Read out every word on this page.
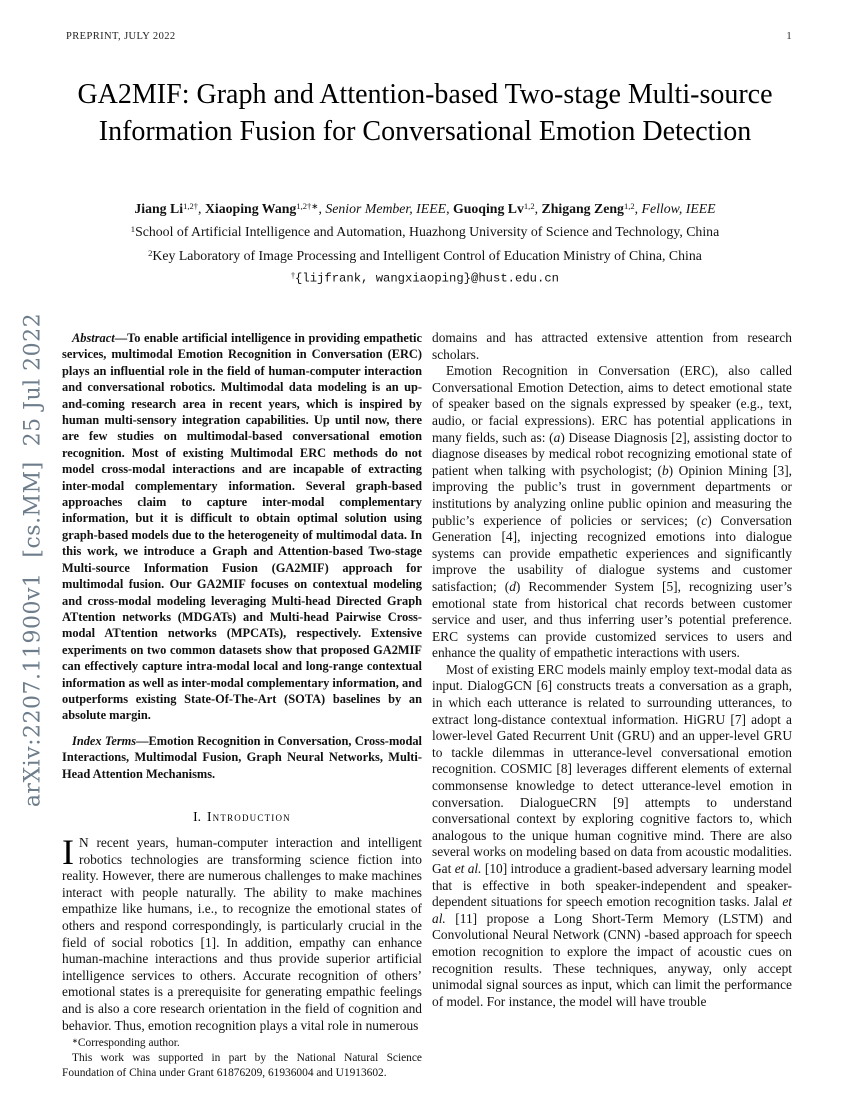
PREPRINT, JULY 2022	1
arXiv:2207.11900v1  [cs.MM]  25 Jul 2022
GA2MIF: Graph and Attention-based Two-stage Multi-source Information Fusion for Conversational Emotion Detection

Jiang $Li^{1,2\dagger}$, Xiaoping Wang$^{1,2\dagger∗}$, Senior Member, IEEE, Guoqing Lv$^{1,2}$, Zhigang Zeng$^{1,2}$, Fellow, IEEE

$^1$School of Artificial Intelligence and Automation, Huazhong University of Science and Technology, China

$^2$Key Laboratory of Image Processing and Intelligent Control of Education Ministry of China, China

†{lijfrank, wangxiaoping}@hust.edu.cn

Abstract—To enable artificial intelligence in providing empathetic services, multimodal Emotion Recognition in Conversation (ERC) plays an influential role in the field of human-computer interaction and conversational robotics. Multimodal data modeling is an up-and-coming research area in recent years, which is inspired by human multi-sensory integration capabilities. Up until now, there are few studies on multimodal-based conversational emotion recognition. Most of existing Multimodal ERC methods do not model cross-modal interactions and are incapable of extracting inter-modal complementary information. Several graph-based approaches claim to capture inter-modal complementary information, but it is difficult to obtain optimal solution using graph-based models due to the heterogeneity of multimodal data. In this work, we introduce a Graph and Attention-based Two-stage Multi-source Information Fusion (GA2MIF) approach for multimodal fusion. Our GA2MIF focuses on contextual modeling and cross-modal modeling leveraging Multi-head Directed Graph ATtention networks (MDGATs) and Multi-head Pairwise Cross-modal ATtention networks (MPCATs), respectively. Extensive experiments on two common datasets show that proposed GA2MIF can effectively capture intra-modal local and long-range contextual information as well as inter-modal complementary information, and outperforms existing State-Of-The-Art (SOTA) baselines by an absolute margin.

Index Terms—Emotion Recognition in Conversation, Cross-modal Interactions, Multimodal Fusion, Graph Neural Networks, Multi-Head Attention Mechanisms.

I. Introduction

I N recent years, human-computer interaction and intelligent robotics technologies are transforming science fiction into reality. However, there are numerous challenges to make machines interact with people naturally. The ability to make machines empathize like humans, i.e., to recognize the emotional states of others and respond correspondingly, is particularly crucial in the field of social robotics [1]. In addition, empathy can enhance human-machine interactions and thus provide superior artificial intelligence services to others. Accurate recognition of others’ emotional states is a prerequisite for generating empathic feelings and is also a core research orientation in the field of cognition and behavior. Thus, emotion recognition plays a vital role in numerous

∗Corresponding author.

This work was supported in part by the National Natural Science Foundation of China under Grant 61876209, 61936004 and U1913602.

domains and has attracted extensive attention from research scholars.

Emotion Recognition in Conversation (ERC), also called Conversational Emotion Detection, aims to detect emotional state of speaker based on the signals expressed by speaker (e.g., text, audio, or facial expressions). ERC has potential applications in many fields, such as: (a) Disease Diagnosis [2], assisting doctor to diagnose diseases by medical robot recognizing emotional state of patient when talking with psychologist; (b) Opinion Mining [3], improving the public’s trust in government departments or institutions by analyzing online public opinion and measuring the public’s experience of policies or services; (c) Conversation Generation [4], injecting recognized emotions into dialogue systems can provide empathetic experiences and significantly improve the usability of dialogue systems and customer satisfaction; (d) Recommender System [5], recognizing user’s emotional state from historical chat records between customer service and user, and thus inferring user’s potential preference. ERC systems can provide customized services to users and enhance the quality of empathetic interactions with users.

Most of existing ERC models mainly employ text-modal data as input. DialogGCN [6] constructs treats a conversation as a graph, in which each utterance is related to surrounding utterances, to extract long-distance contextual information. HiGRU [7] adopt a lower-level Gated Recurrent Unit (GRU) and an upper-level GRU to tackle dilemmas in utterance-level conversational emotion recognition. COSMIC [8] leverages different elements of external commonsense knowledge to detect utterance-level emotion in conversation. DialogueCRN [9] attempts to understand conversational context by exploring cognitive factors to, which analogous to the unique human cognitive mind. There are also several works on modeling based on data from acoustic modalities. Gat et al. [10] introduce a gradient-based adversary learning model that is effective in both speaker-independent and speaker-dependent situations for speech emotion recognition tasks. Jalal et al. [11] propose a Long Short-Term Memory (LSTM) and Convolutional Neural Network (CNN) -based approach for speech emotion recognition to explore the impact of acoustic cues on recognition results. These techniques, anyway, only accept unimodal signal sources as input, which can limit the performance of model. For instance, the model will have trouble
